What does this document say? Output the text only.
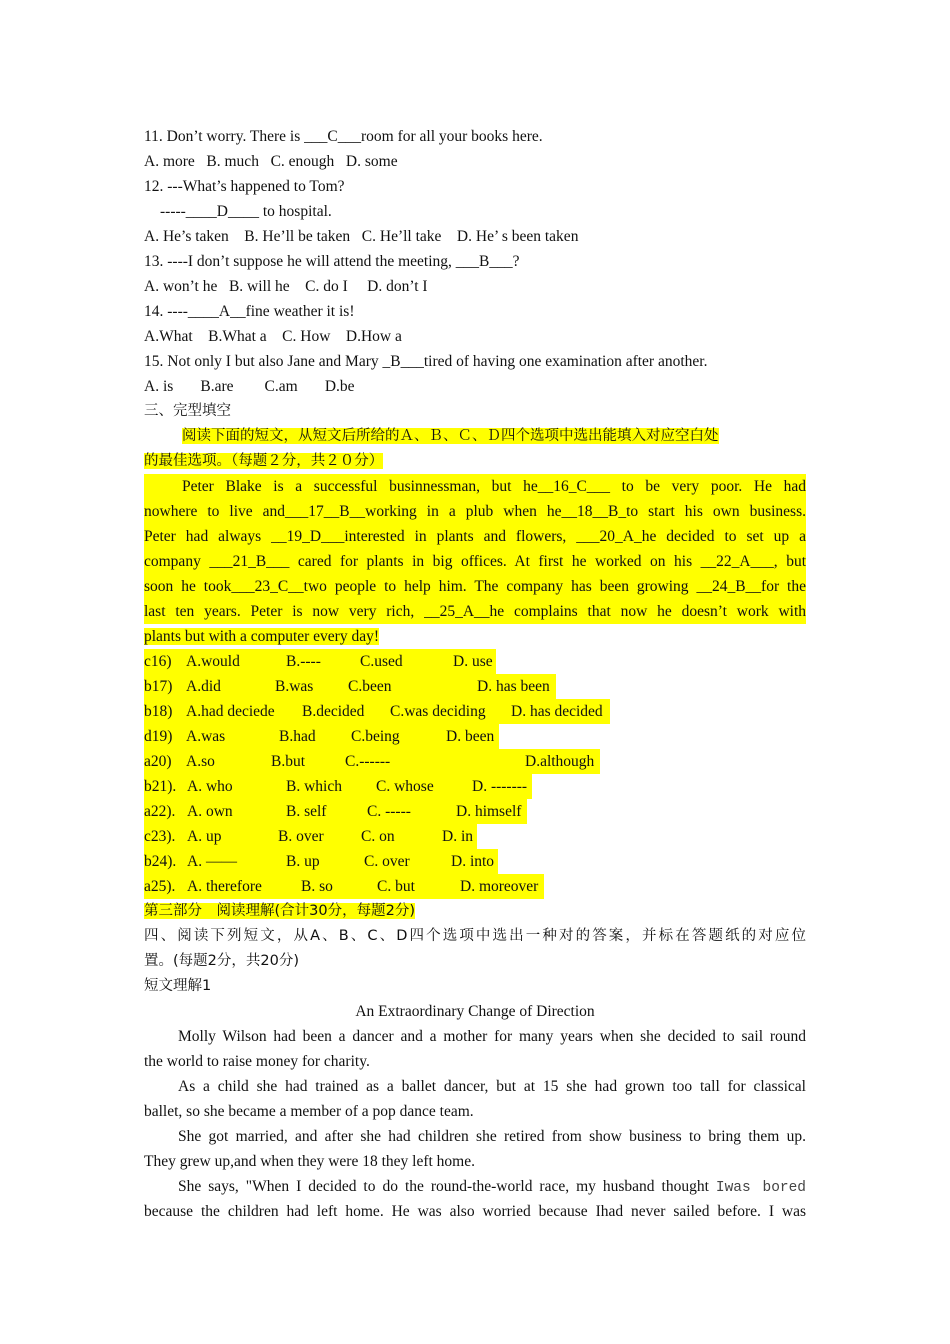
11. Don’t worry. There is ___C___room for all your books here.
A. more   B. much   C. enough   D. some
12. ---What’s happened to Tom?
-----____D____ to hospital.
A. He’s taken    B. He’ll be taken   C. He’ll take    D. He’ s been taken
13. ----I don’t suppose he will attend the meeting, ___B___?
A. won’t he   B. will he    C. do I     D. don’t I
14. ----____A__fine weather it is!
A.What    B.What a    C. How    D.How a
15. Not only I but also Jane and Mary _B___tired of having one examination after another.
A. is       B.are        C.am       D.be
三、完型填空
阅读下面的短文，从短文后所给的Ａ、Ｂ、Ｃ、Ｄ四个选项中选出能填入对应空白处
的最佳选项。（每题２分，共２０分）
Peter Blake is a successful businnessman, but he__16_C___ to be very poor. He had
nowhere to live and___17__B__working in a plub when he__18__B_to start his own business.
Peter had always __19_D___interested in plants and flowers, ___20_A_he decided to set up a
company ___21_B___ cared for plants in big offices. At first he worked on his __22_A___, but
soon he took___23_C__two people to help him. The company has been growing __24_B__for the
last ten years. Peter is now very rich, __25_A__he complains that now he doesn’t work with
plants but with a computer every day!
c16) A.would	B.----	C.used	D. use
b17) A.did	B.was C.been	D. has been
b18) A.had deciede B.decided C.was deciding D. has decided
d19) A.was	B.had C.being	D. been
a20) A.so	B.but	C.------	D.although
b21). A. who	B. which C. whose D. -------
a22). A. own	B. self	C. -----	D. himself
c23). A. up	B. over C. on	D. in
b24). A. ——	B. up	C. over	D. into
a25). A. therefore	B. so	C. but	D. moreover
第三部分　阅读理解(合计30分，每题2分)
四、阅读下列短文，从A、B、C、D四个选项中选出一种对的答案，并标在答题纸的对应位
置。(每题2分，共20分)
短文理解1
An Extraordinary Change of Direction
Molly Wilson had been a dancer and a mother for many years when she decided to sail round
the world to raise money for charity.
As a child she had trained as a ballet dancer, but at 15 she had grown too tall for classical
ballet, so she became a member of a pop dance team.
She got married, and after she had children she retired from show business to bring them up.
They grew up,and when they were 18 they left home.
She says, "When I decided to do the round-the-world race, my husband thought Iwas bored
because the children had left home. He was also worried because Ihad never sailed before. I was
